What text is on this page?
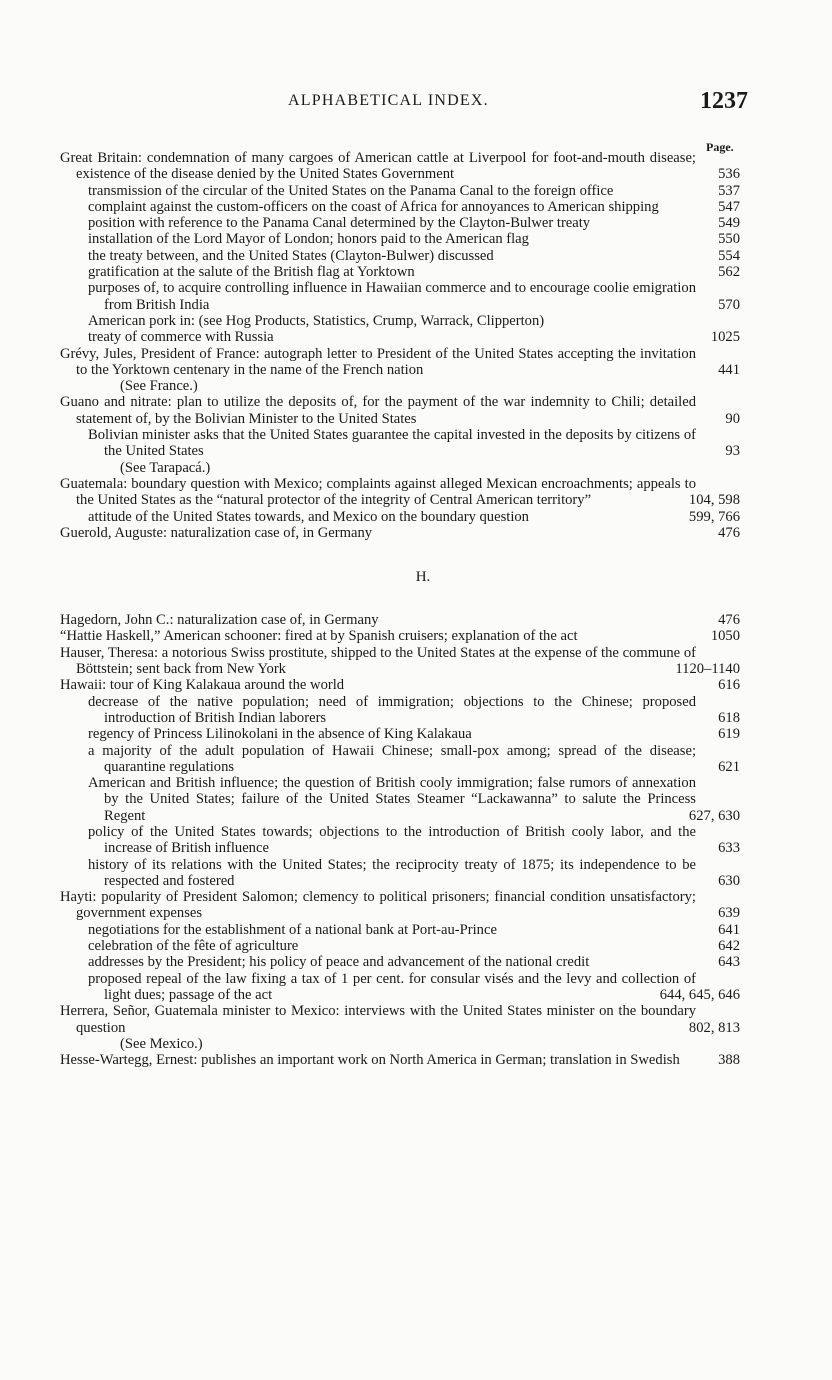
ALPHABETICAL INDEX.	1237
Page.
Great Britain: condemnation of many cargoes of American cattle at Liverpool for foot-and-mouth disease; existence of the disease denied by the United States Government	536
transmission of the circular of the United States on the Panama Canal to the foreign office	537
complaint against the custom-officers on the coast of Africa for annoyances to American shipping	547
position with reference to the Panama Canal determined by the Clayton-Bulwer treaty	549
installation of the Lord Mayor of London; honors paid to the American flag	550
the treaty between, and the United States (Clayton-Bulwer) discussed	554
gratification at the salute of the British flag at Yorktown	562
purposes of, to acquire controlling influence in Hawaiian commerce and to encourage coolie emigration from British India	570
American pork in: (see Hog Products, Statistics, Crump, Warrack, Clipperton)
treaty of commerce with Russia	1025
Grévy, Jules, President of France: autograph letter to President of the United States accepting the invitation to the Yorktown centenary in the name of the French nation	441
(See France.)
Guano and nitrate: plan to utilize the deposits of, for the payment of the war indemnity to Chili; detailed statement of, by the Bolivian Minister to the United States	90
Bolivian minister asks that the United States guarantee the capital invested in the deposits by citizens of the United States	93
(See Tarapacá.)
Guatemala: boundary question with Mexico; complaints against alleged Mexican encroachments; appeals to the United States as the “natural protector of the integrity of Central American territory”	104, 598
attitude of the United States towards, and Mexico on the boundary question	599, 766
Guerold, Auguste: naturalization case of, in Germany	476
H.
Hagedorn, John C.: naturalization case of, in Germany	476
“Hattie Haskell,” American schooner: fired at by Spanish cruisers; explanation of the act	1050
Hauser, Theresa: a notorious Swiss prostitute, shipped to the United States at the expense of the commune of Böttstein; sent back from New York	1120–1140
Hawaii: tour of King Kalakaua around the world	616
decrease of the native population; need of immigration; objections to the Chinese; proposed introduction of British Indian laborers	618
regency of Princess Lilinokolani in the absence of King Kalakaua	619
a majority of the adult population of Hawaii Chinese; small-pox among; spread of the disease; quarantine regulations	621
American and British influence; the question of British cooly immigration; false rumors of annexation by the United States; failure of the United States Steamer “Lackawanna” to salute the Princess Regent	627, 630
policy of the United States towards; objections to the introduction of British cooly labor, and the increase of British influence	633
history of its relations with the United States; the reciprocity treaty of 1875; its independence to be respected and fostered	630
Hayti: popularity of President Salomon; clemency to political prisoners; financial condition unsatisfactory; government expenses	639
negotiations for the establishment of a national bank at Port-au-Prince	641
celebration of the fête of agriculture	642
addresses by the President; his policy of peace and advancement of the national credit	643
proposed repeal of the law fixing a tax of 1 per cent. for consular visés and the levy and collection of light dues; passage of the act	644, 645, 646
Herrera, Señor, Guatemala minister to Mexico: interviews with the United States minister on the boundary question	802, 813
(See Mexico.)
Hesse-Wartegg, Ernest: publishes an important work on North America in German; translation in Swedish	388
